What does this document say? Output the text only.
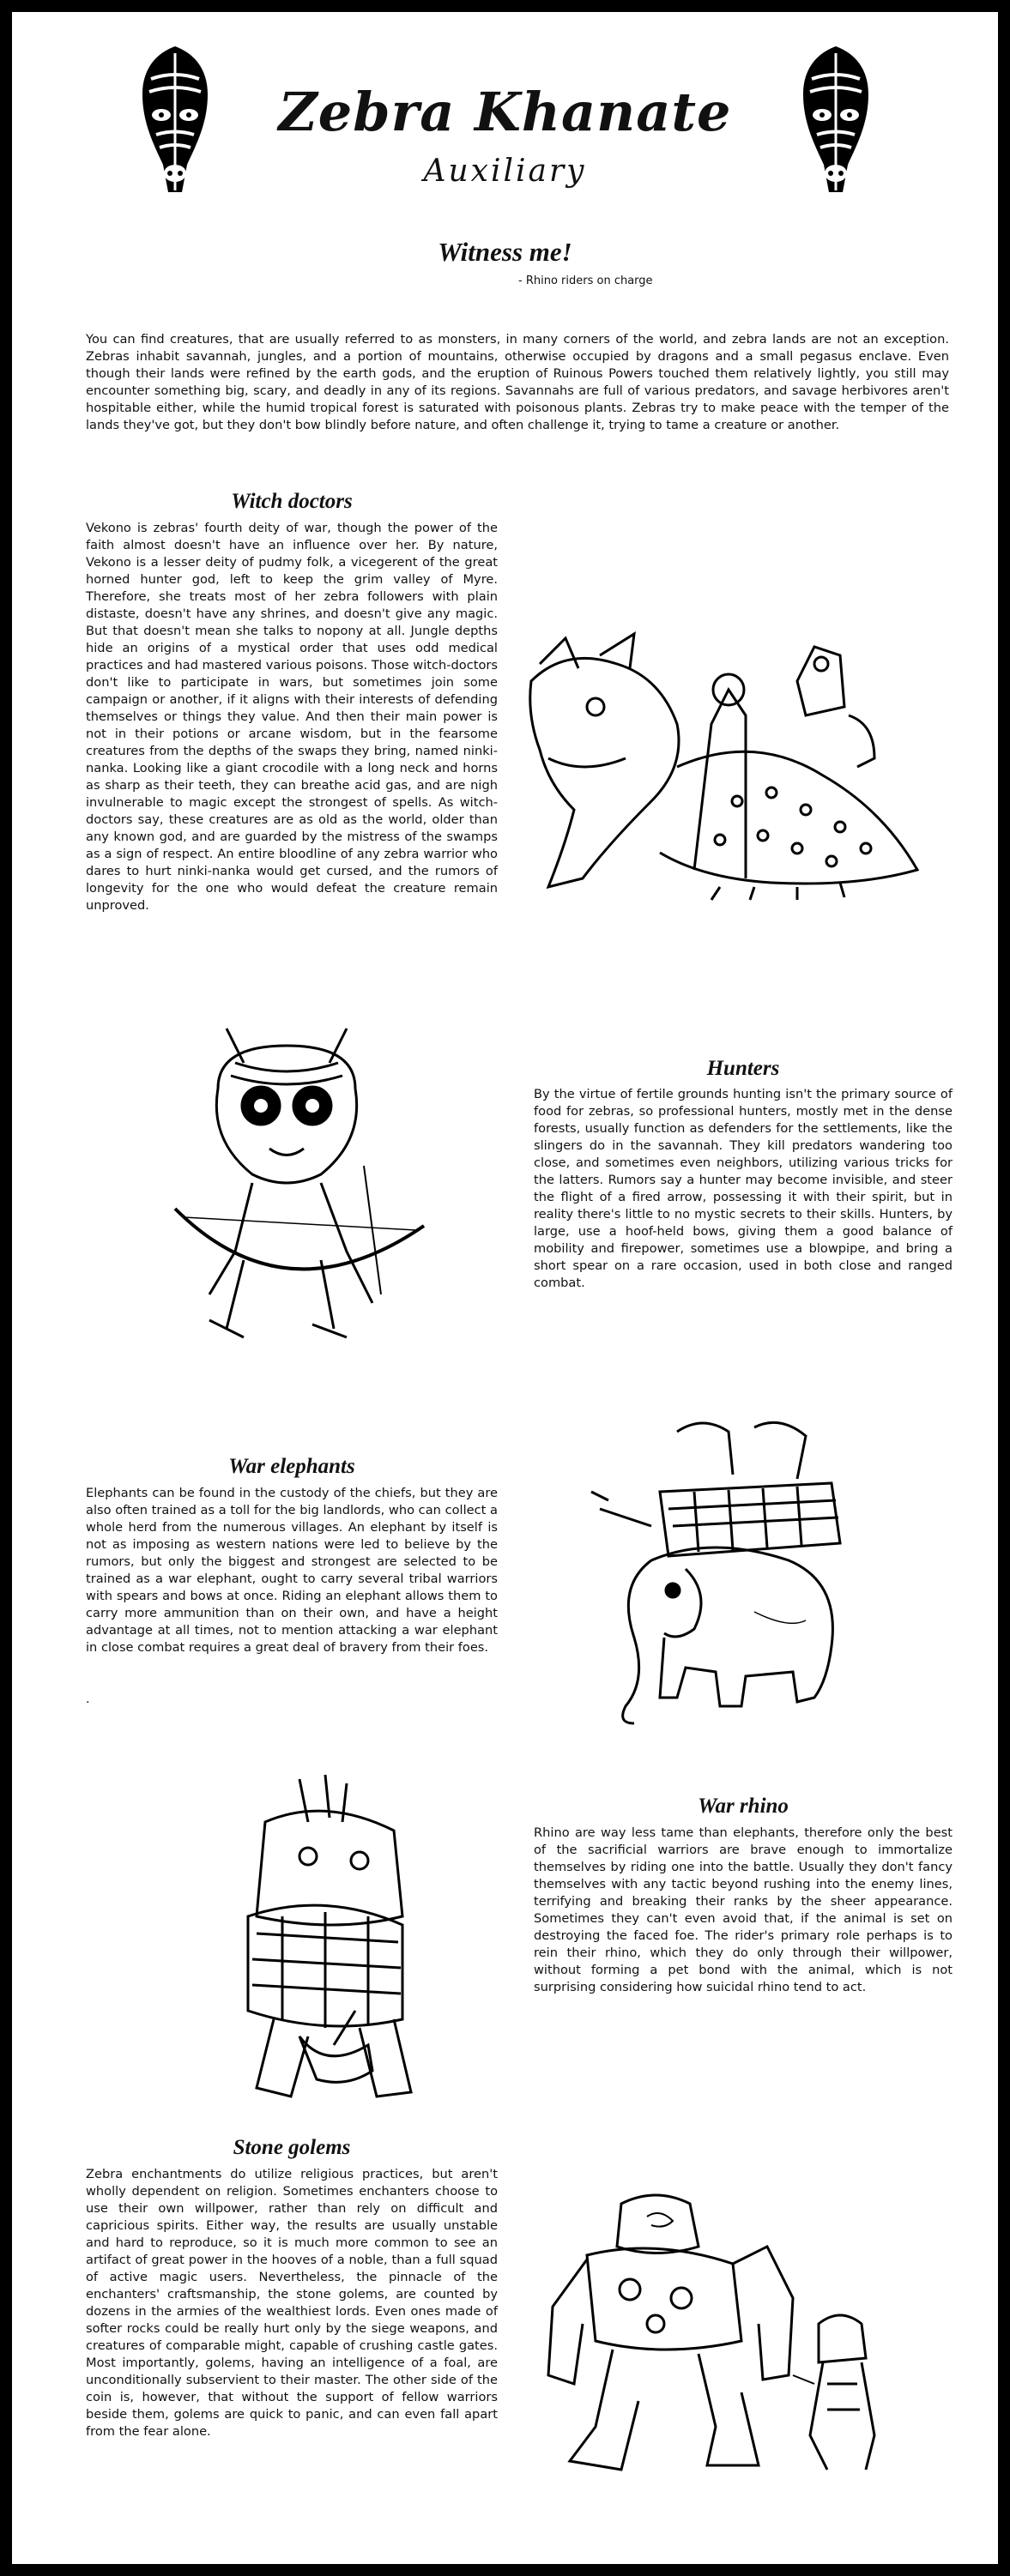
Zebra Khanate
Auxiliary
Witness me!
- Rhino riders on charge
You can find creatures, that are usually referred to as monsters, in many corners of the world, and zebra lands are not an exception. Zebras inhabit savannah, jungles, and a portion of mountains, otherwise occupied by dragons and a small pegasus enclave. Even though their lands were refined by the earth gods, and the eruption of Ruinous Powers touched them relatively lightly, you still may encounter something big, scary, and deadly in any of its regions. Savannahs are full of various predators, and savage herbivores aren't hospitable either, while the humid tropical forest is saturated with poisonous plants. Zebras try to make peace with the temper of the lands they've got, but they don't bow blindly before nature, and often challenge it, trying to tame a creature or another.
Witch doctors
Vekono is zebras' fourth deity of war, though the power of the faith almost doesn't have an influence over her. By nature, Vekono is a lesser deity of pudmy folk, a vicegerent of the great horned hunter god, left to keep the grim valley of Myre. Therefore, she treats most of her zebra followers with plain distaste, doesn't have any shrines, and doesn't give any magic. But that doesn't mean she talks to nopony at all. Jungle depths hide an origins of a mystical order that uses odd medical practices and had mastered various poisons. Those witch-doctors don't like to participate in wars, but sometimes join some campaign or another, if it aligns with their interests of defending themselves or things they value. And then their main power is not in their potions or arcane wisdom, but in the fearsome creatures from the depths of the swaps they bring, named ninki-nanka. Looking like a giant crocodile with a long neck and horns as sharp as their teeth, they can breathe acid gas, and are nigh invulnerable to magic except the strongest of spells. As witch-doctors say, these creatures are as old as the world, older than any known god, and are guarded by the mistress of the swamps as a sign of respect. An entire bloodline of any zebra warrior who dares to hurt ninki-nanka would get cursed, and the rumors of longevity for the one who would defeat the creature remain unproved.
Hunters
By the virtue of fertile grounds hunting isn't the primary source of food for zebras, so professional hunters, mostly met in the dense forests, usually function as defenders for the settlements, like the slingers do in the savannah. They kill predators wandering too close, and sometimes even neighbors, utilizing various tricks for the latters. Rumors say a hunter may become invisible, and steer the flight of a fired arrow, possessing it with their spirit, but in reality there's little to no mystic secrets to their skills. Hunters, by large, use a hoof-held bows, giving them a good balance of mobility and firepower, sometimes use a blowpipe, and bring a short spear on a rare occasion, used in both close and ranged combat.
War elephants
Elephants can be found in the custody of the chiefs, but they are also often trained as a toll for the big landlords, who can collect a whole herd from the numerous villages. An elephant by itself is not as imposing as western nations were led to believe by the rumors, but only the biggest and strongest are selected to be trained as a war elephant, ought to carry several tribal warriors with spears and bows at once. Riding an elephant allows them to carry more ammunition than on their own, and have a height advantage at all times, not to mention attacking a war elephant in close combat requires a great deal of bravery from their foes.
.
War rhino
Rhino are way less tame than elephants, therefore only the best of the sacrificial warriors are brave enough to immortalize themselves by riding one into the battle. Usually they don't fancy themselves with any tactic beyond rushing into the enemy lines, terrifying and breaking their ranks by the sheer appearance. Sometimes they can't even avoid that, if the animal is set on destroying the faced foe. The rider's primary role perhaps is to rein their rhino, which they do only through their willpower, without forming a pet bond with the animal, which is not surprising considering how suicidal rhino tend to act.
Stone golems
Zebra enchantments do utilize religious practices, but aren't wholly dependent on religion. Sometimes enchanters choose to use their own willpower, rather than rely on difficult and capricious spirits. Either way, the results are usually unstable and hard to reproduce, so it is much more common to see an artifact of great power in the hooves of a noble, than a full squad of active magic users. Nevertheless, the pinnacle of the enchanters' craftsmanship, the stone golems, are counted by dozens in the armies of the wealthiest lords. Even ones made of softer rocks could be really hurt only by the siege weapons, and creatures of comparable might, capable of crushing castle gates. Most importantly, golems, having an intelligence of a foal, are unconditionally subservient to their master. The other side of the coin is, however, that without the support of fellow warriors beside them, golems are quick to panic, and can even fall apart from the fear alone.
